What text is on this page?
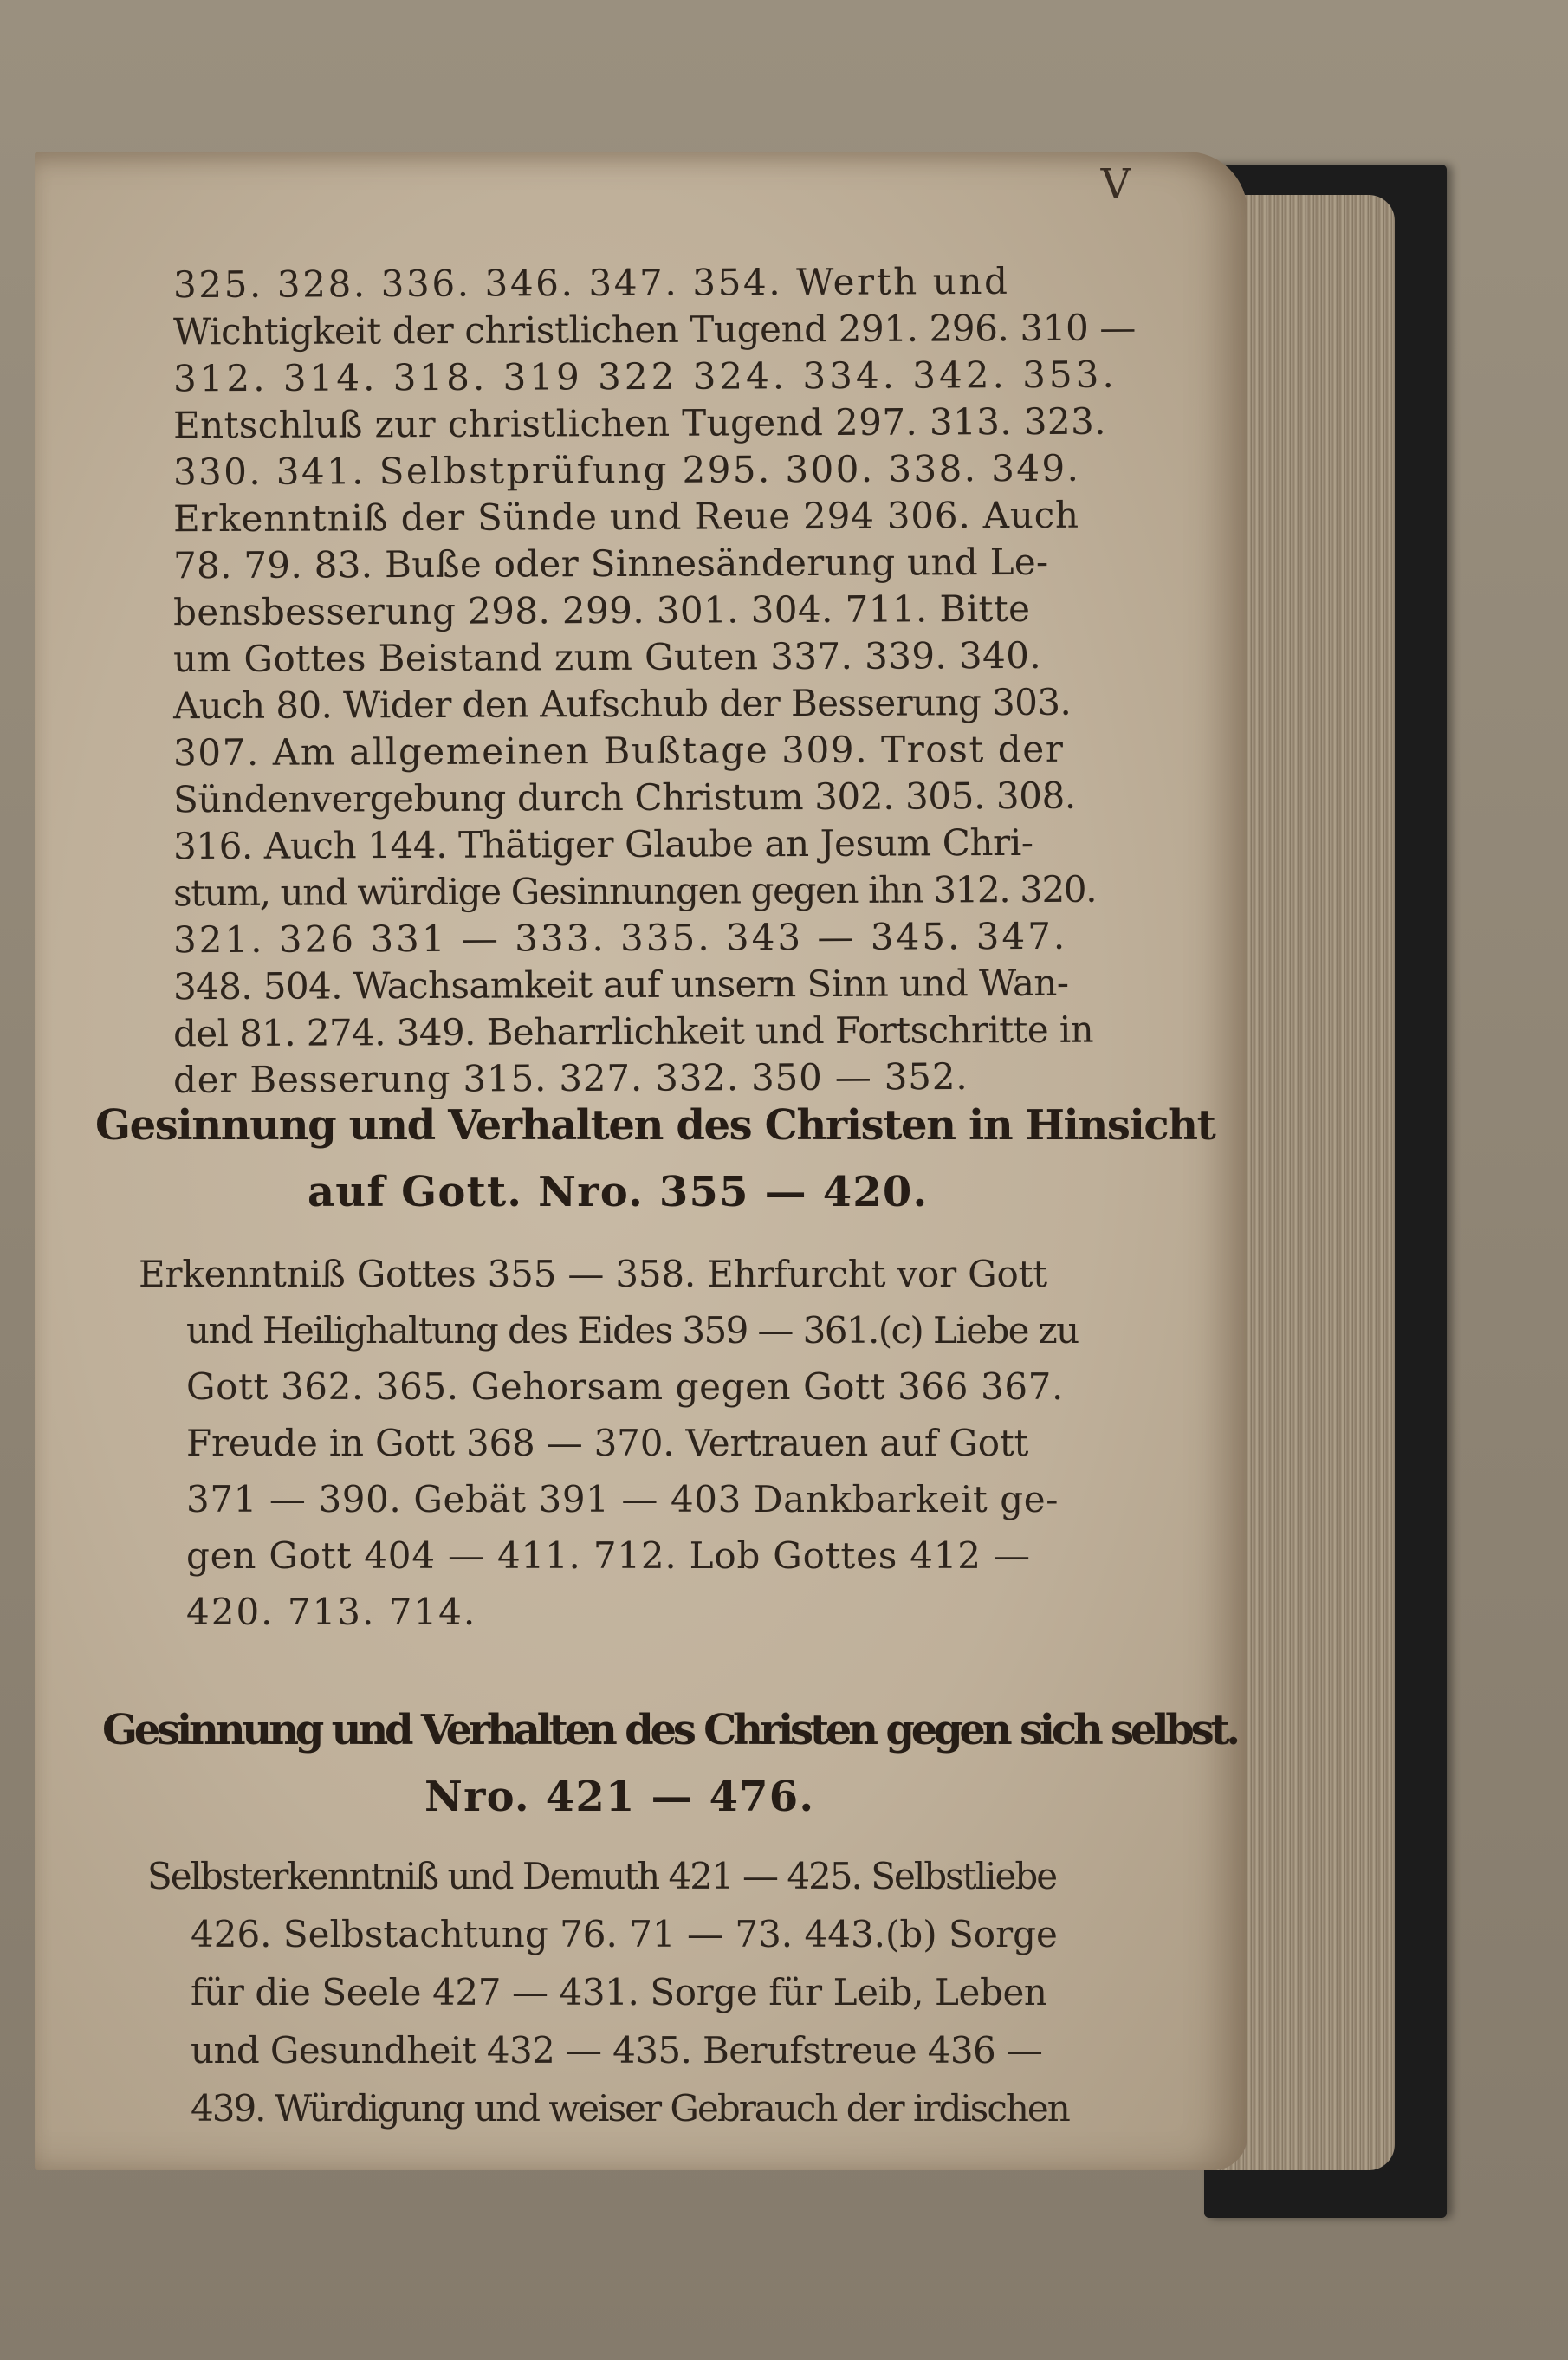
V
325. 328. 336. 346. 347. 354. Werth und
Wichtigkeit der christlichen Tugend 291. 296. 310 —
312. 314. 318. 319 322 324. 334. 342. 353.
Entschluß zur christlichen Tugend 297. 313. 323.
330. 341. Selbstprüfung 295. 300. 338. 349.
Erkenntniß der Sünde und Reue 294 306. Auch
78. 79. 83. Buße oder Sinnesänderung und Le-
bensbesserung 298. 299. 301. 304. 711. Bitte
um Gottes Beistand zum Guten 337. 339. 340.
Auch 80. Wider den Aufschub der Besserung 303.
307. Am allgemeinen Bußtage 309. Trost der
Sündenvergebung durch Christum 302. 305. 308.
316. Auch 144. Thätiger Glaube an Jesum Chri-
stum, und würdige Gesinnungen gegen ihn 312. 320.
321. 326 331 — 333. 335. 343 — 345. 347.
348. 504. Wachsamkeit auf unsern Sinn und Wan-
del 81. 274. 349. Beharrlichkeit und Fortschritte in
der Besserung 315. 327. 332. 350 — 352.
Gesinnung und Verhalten des Christen in Hinsicht
auf Gott. Nro. 355 — 420.
Erkenntniß Gottes 355 — 358. Ehrfurcht vor Gott
und Heilighaltung des Eides 359 — 361.(c) Liebe zu
Gott 362. 365. Gehorsam gegen Gott 366 367.
Freude in Gott 368 — 370. Vertrauen auf Gott
371 — 390. Gebät 391 — 403 Dankbarkeit ge-
gen Gott 404 — 411. 712. Lob Gottes 412 —
420. 713. 714.
Gesinnung und Verhalten des Christen gegen sich selbst.
Nro. 421 — 476.
Selbsterkenntniß und Demuth 421 — 425. Selbstliebe
426. Selbstachtung 76. 71 — 73. 443.(b) Sorge
für die Seele 427 — 431. Sorge für Leib, Leben
und Gesundheit 432 — 435. Berufstreue 436 —
439. Würdigung und weiser Gebrauch der irdischen
